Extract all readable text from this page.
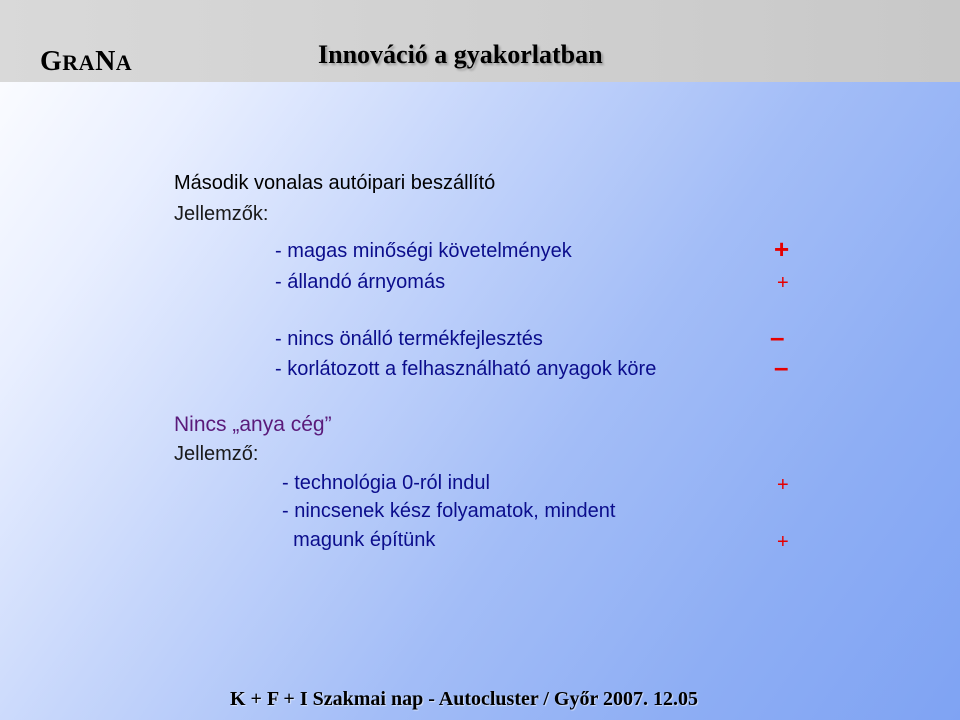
GRANA	Innováció a gyakorlatban
Második vonalas autóipari beszállító
Jellemzők:
- magas minőségi követelmények	+
- állandó árnyomás	+
- nincs önálló termékfejlesztés	–
- korlátozott a felhasználható anyagok köre	–
Nincs „anya cég”
Jellemző:
- technológia 0-ról indul	+
- nincsenek kész folyamatok, mindent
magunk építünk	+
K + F + I Szakmai nap - Autocluster / Győr 2007. 12.05
